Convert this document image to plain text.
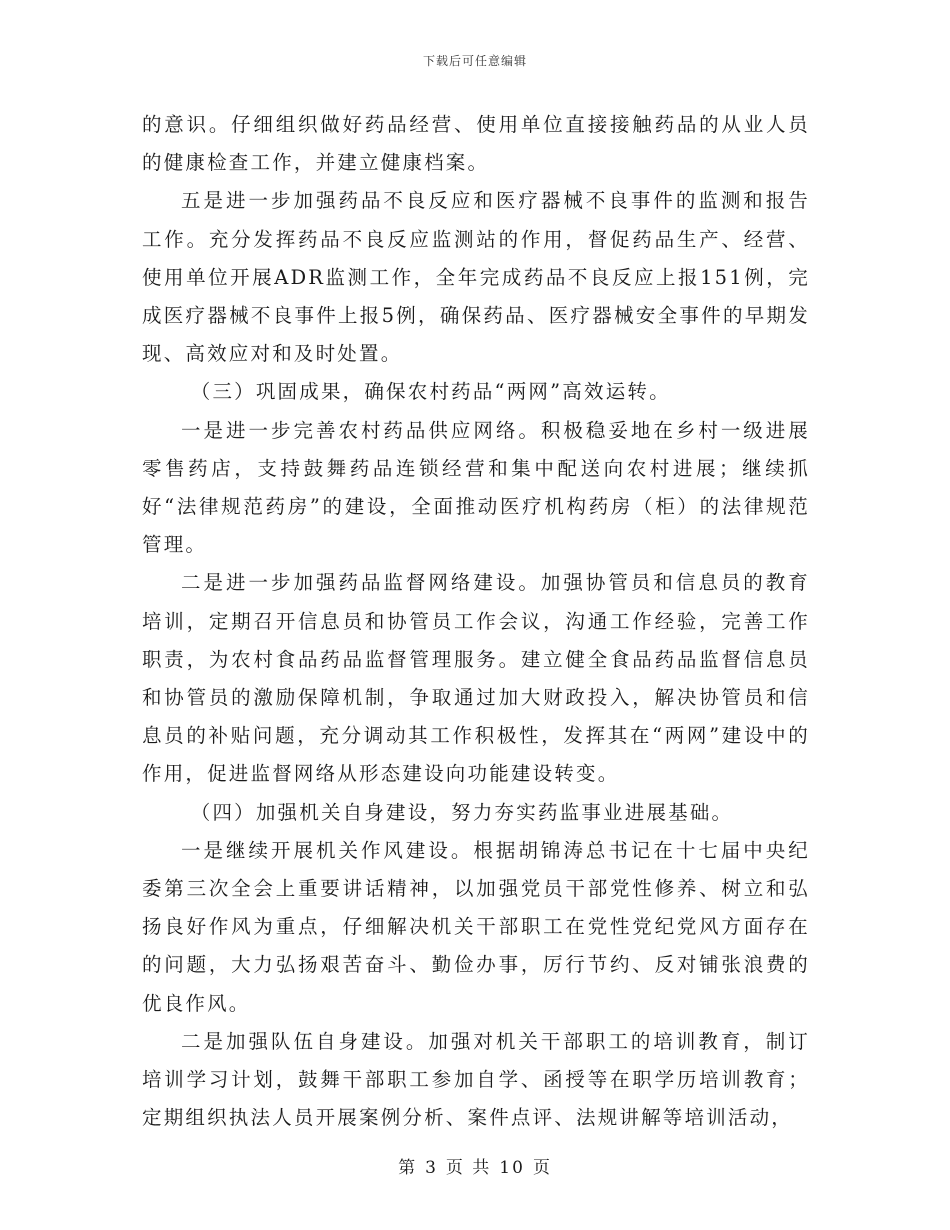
下载后可任意编辑

的意识。仔细组织做好药品经营、使用单位直接接触药品的从业人员的健康检查工作，并建立健康档案。

五是进一步加强药品不良反应和医疗器械不良事件的监测和报告工作。充分发挥药品不良反应监测站的作用，督促药品生产、经营、使用单位开展ADR监测工作，全年完成药品不良反应上报151例，完成医疗器械不良事件上报5例，确保药品、医疗器械安全事件的早期发现、高效应对和及时处置。

（三）巩固成果，确保农村药品“两网”高效运转。

一是进一步完善农村药品供应网络。积极稳妥地在乡村一级进展零售药店，支持鼓舞药品连锁经营和集中配送向农村进展；继续抓好“法律规范药房”的建设，全面推动医疗机构药房（柜）的法律规范管理。

二是进一步加强药品监督网络建设。加强协管员和信息员的教育培训，定期召开信息员和协管员工作会议，沟通工作经验，完善工作职责，为农村食品药品监督管理服务。建立健全食品药品监督信息员和协管员的激励保障机制，争取通过加大财政投入，解决协管员和信息员的补贴问题，充分调动其工作积极性，发挥其在“两网”建设中的作用，促进监督网络从形态建设向功能建设转变。

（四）加强机关自身建设，努力夯实药监事业进展基础。

一是继续开展机关作风建设。根据胡锦涛总书记在十七届中央纪委第三次全会上重要讲话精神，以加强党员干部党性修养、树立和弘扬良好作风为重点，仔细解决机关干部职工在党性党纪党风方面存在的问题，大力弘扬艰苦奋斗、勤俭办事，厉行节约、反对铺张浪费的优良作风。

二是加强队伍自身建设。加强对机关干部职工的培训教育，制订培训学习计划，鼓舞干部职工参加自学、函授等在职学历培训教育；定期组织执法人员开展案例分析、案件点评、法规讲解等培训活动，

第 3 页 共 10 页
